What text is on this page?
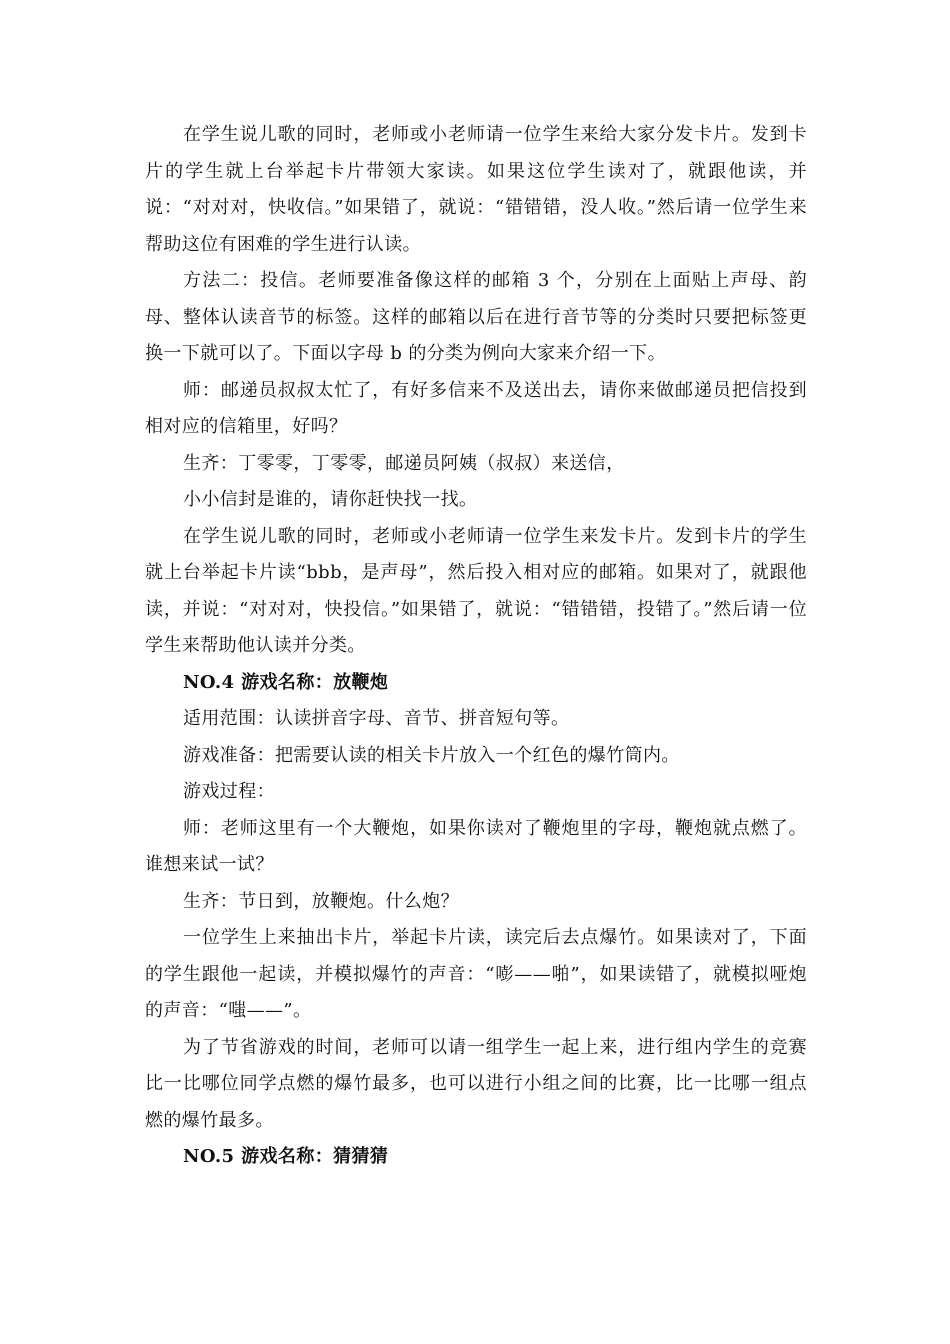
在学生说儿歌的同时，老师或小老师请一位学生来给大家分发卡片。发到卡片的学生就上台举起卡片带领大家读。如果这位学生读对了，就跟他读，并说：“对对对，快收信。”如果错了，就说：“错错错，没人收。”然后请一位学生来帮助这位有困难的学生进行认读。

方法二：投信。老师要准备像这样的邮箱 3 个，分别在上面贴上声母、韵母、整体认读音节的标签。这样的邮箱以后在进行音节等的分类时只要把标签更换一下就可以了。下面以字母 b 的分类为例向大家来介绍一下。

师：邮递员叔叔太忙了，有好多信来不及送出去，请你来做邮递员把信投到相对应的信箱里，好吗？

生齐：丁零零，丁零零，邮递员阿姨（叔叔）来送信，

小小信封是谁的，请你赶快找一找。

在学生说儿歌的同时，老师或小老师请一位学生来发卡片。发到卡片的学生就上台举起卡片读“bbb，是声母”，然后投入相对应的邮箱。如果对了，就跟他读，并说：“对对对，快投信。”如果错了，就说：“错错错，投错了。”然后请一位学生来帮助他认读并分类。

NO.4 游戏名称：放鞭炮

适用范围：认读拼音字母、音节、拼音短句等。

游戏准备：把需要认读的相关卡片放入一个红色的爆竹筒内。

游戏过程：

师：老师这里有一个大鞭炮，如果你读对了鞭炮里的字母，鞭炮就点燃了。谁想来试一试？

生齐：节日到，放鞭炮。什么炮？

一位学生上来抽出卡片，举起卡片读，读完后去点爆竹。如果读对了，下面的学生跟他一起读，并模拟爆竹的声音：“嘭——啪”，如果读错了，就模拟哑炮的声音：“嗤——”。

为了节省游戏的时间，老师可以请一组学生一起上来，进行组内学生的竞赛比一比哪位同学点燃的爆竹最多，也可以进行小组之间的比赛，比一比哪一组点燃的爆竹最多。

NO.5 游戏名称：猜猜猜
